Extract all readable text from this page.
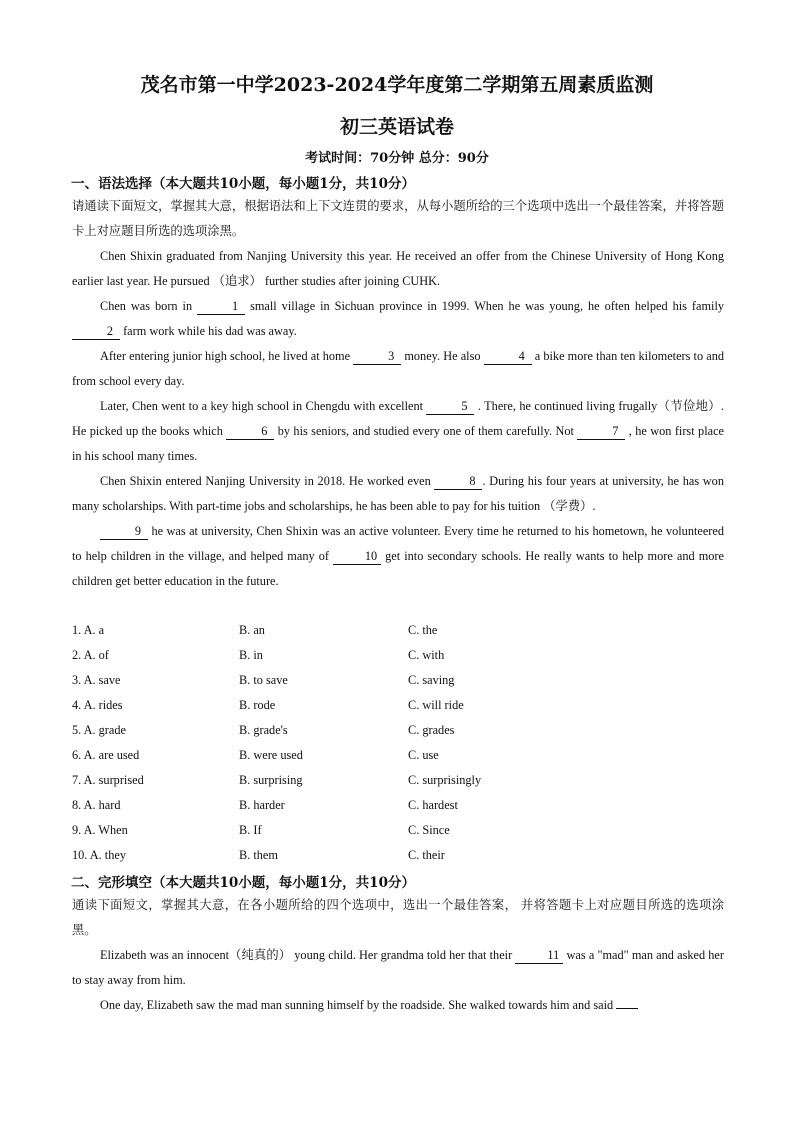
茂名市第一中学2023-2024学年度第二学期第五周素质监测
初三英语试卷
考试时间：70分钟 总分：90分
一、语法选择（本大题共10小题，每小题1分，共10分）

请通读下面短文，掌握其大意，根据语法和上下文连贯的要求，从每小题所给的三个选项中选出一个最佳答案，并将答题卡上对应题目所选的选项涂黑。

Chen Shixin graduated from Nanjing University this year. He received an offer from the Chinese University of Hong Kong earlier last year. He pursued （追求） further studies after joining CUHK.

Chen was born in	1 small village in Sichuan province in 1999. When he was young, he often helped his family 2 farm work while his dad was away.

After entering junior high school, he lived at home	3 money. He also	4 a bike more than ten kilometers to and from school every day.

Later, Chen went to a key high school in Chengdu with excellent	5 . There, he continued living frugally（节俭地）. He picked up the books which	6 by his seniors, and studied every one of them carefully. Not	7 , he won first place in his school many times.

Chen Shixin entered Nanjing University in 2018. He worked even	8 . During his four years at university, he has won many scholarships. With part-time jobs and scholarships, he has been able to pay for his tuition （学费）.

9 he was at university, Chen Shixin was an active volunteer. Every time he returned to his hometown, he volunteered to help children in the village, and helped many of	10 get into secondary schools. He really wants to help more and more children get better education in the future.

1. A. a	B. an	C. the
2. A. of	B. in	C. with
3. A. save	B. to save	C. saving
4. A. rides	B. rode	C. will ride
5. A. grade	B. grade's	C. grades
6. A. are used	B. were used	C. use
7. A. surprised	B. surprising	C. surprisingly
8. A. hard	B. harder	C. hardest
9. A. When	B. If	C. Since
10. A. they	B. them	C. their
二、完形填空（本大题共10小题，每小题1分，共10分）

通读下面短文，掌握其大意，在各小题所给的四个选项中，选出一个最佳答案， 并将答题卡上对应题目所选的选项涂黑。

Elizabeth was an innocent（纯真的） young child. Her grandma told her that their	11 was a "mad" man and asked her to stay away from him.

One day, Elizabeth saw the mad man sunning himself by the roadside. She walked towards him and said
